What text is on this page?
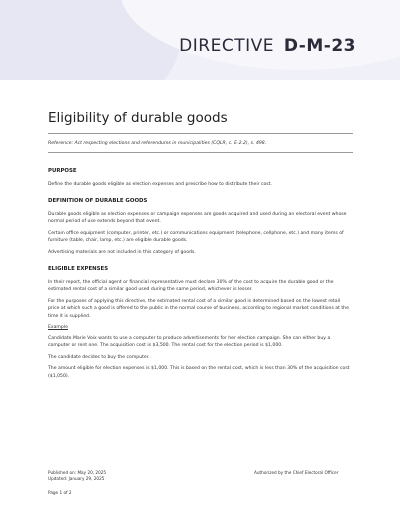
DIRECTIVE D-M-23
Eligibility of durable goods
Reference: Act respecting elections and referendums in municipalities (CQLR, c. E-2.2), s. 498.
PURPOSE

Define the durable goods eligible as election expenses and prescribe how to distribute their cost.

DEFINITION OF DURABLE GOODS

Durable goods eligible as election expenses or campaign expenses are goods acquired and used during an electoral event whose normal period of use extends beyond that event.

Certain office equipment (computer, printer, etc.) or communications equipment (telephone, cellphone, etc.) and many items of furniture (table, chair, lamp, etc.) are eligible durable goods.

Advertising materials are not included in this category of goods.

ELIGIBLE EXPENSES

In their report, the official agent or financial representative must declare 30% of the cost to acquire the durable good or the estimated rental cost of a similar good used during the same period, whichever is lesser.

For the purposes of applying this directive, the estimated rental cost of a similar good is determined based on the lowest retail price at which such a good is offered to the public in the normal course of business, according to regional market conditions at the time it is supplied.

Example

Candidate Marie Voix wants to use a computer to produce advertisements for her election campaign. She can either buy a computer or rent one. The acquisition cost is $3,500. The rental cost for the election period is $1,000.

The candidate decides to buy the computer.

The amount eligible for election expenses is $1,000. This is based on the rental cost, which is less than 30% of the acquisition cost ($1,050).

Published on: May 20, 2025
Updated: January 29, 2025
Authorized by the Chief Electoral Officer
Page 1 of 2
